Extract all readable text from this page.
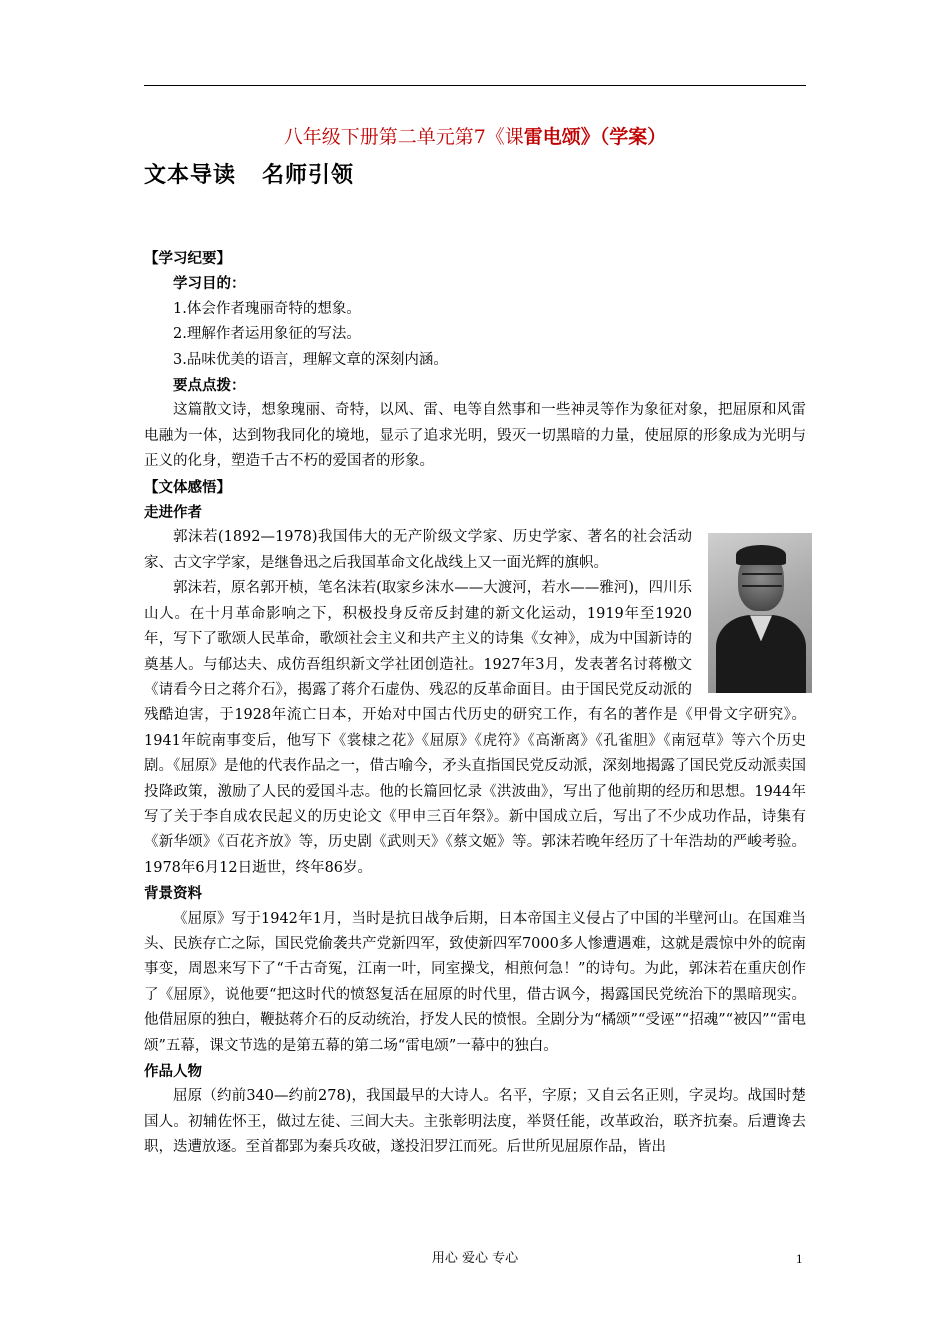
八年级下册第二单元第7《课雷电颂》（学案）
文本导读 名师引领

【学习纪要】

学习目的：

1.体会作者瑰丽奇特的想象。

2.理解作者运用象征的写法。

3.品味优美的语言，理解文章的深刻内涵。

要点点拨：

这篇散文诗，想象瑰丽、奇特，以风、雷、电等自然事和一些神灵等作为象征对象，把屈原和风雷电融为一体，达到物我同化的境地，显示了追求光明，毁灭一切黑暗的力量，使屈原的形象成为光明与正义的化身，塑造千古不朽的爱国者的形象。

【文体感悟】

走进作者

郭沫若(1892—1978)我国伟大的无产阶级文学家、历史学家、著名的社会活动家、古文字学家，是继鲁迅之后我国革命文化战线上又一面光辉的旗帜。

郭沫若，原名郭开桢，笔名沫若(取家乡沫水——大渡河，若水——雅河)，四川乐山人。在十月革命影响之下，积极投身反帝反封建的新文化运动，1919年至1920年，写下了歌颂人民革命，歌颂社会主义和共产主义的诗集《女神》，成为中国新诗的奠基人。与郁达夫、成仿吾组织新文学社团创造社。1927年3月，发表著名讨蒋檄文《请看今日之蒋介石》，揭露了蒋介石虚伪、残忍的反革命面目。由于国民党反动派的残酷迫害，于1928年流亡日本，开始对中国古代历史的研究工作，有名的著作是《甲骨文字研究》。1941年皖南事变后，他写下《裳棣之花》《屈原》《虎符》《高渐离》《孔雀胆》《南冠草》等六个历史剧。《屈原》是他的代表作品之一，借古喻今，矛头直指国民党反动派，深刻地揭露了国民党反动派卖国投降政策，激励了人民的爱国斗志。他的长篇回忆录《洪波曲》，写出了他前期的经历和思想。1944年写了关于李自成农民起义的历史论文《甲申三百年祭》。新中国成立后，写出了不少成功作品，诗集有《新华颂》《百花齐放》等，历史剧《武则天》《蔡文姬》等。郭沫若晚年经历了十年浩劫的严峻考验。1978年6月12日逝世，终年86岁。

背景资料

《屈原》写于1942年1月，当时是抗日战争后期，日本帝国主义侵占了中国的半壁河山。在国难当头、民族存亡之际，国民党偷袭共产党新四军，致使新四军7000多人惨遭遇难，这就是震惊中外的皖南事变，周恩来写下了“千古奇冤，江南一叶，同室操戈，相煎何急！”的诗句。为此，郭沫若在重庆创作了《屈原》，说他要“把这时代的愤怒复活在屈原的时代里，借古讽今，揭露国民党统治下的黑暗现实。他借屈原的独白，鞭挞蒋介石的反动统治，抒发人民的愤恨。全剧分为“橘颂”“受诬”“招魂”“被囚”“雷电颂”五幕，课文节选的是第五幕的第二场“雷电颂”一幕中的独白。

作品人物

屈原（约前340—约前278)，我国最早的大诗人。名平，字原；又自云名正则，字灵均。战国时楚国人。初辅佐怀王，做过左徒、三闾大夫。主张彰明法度，举贤任能，改革政治，联齐抗秦。后遭谗去职，迭遭放逐。至首都郢为秦兵攻破，遂投汨罗江而死。后世所见屈原作品，皆出

用心 爱心 专心	1
